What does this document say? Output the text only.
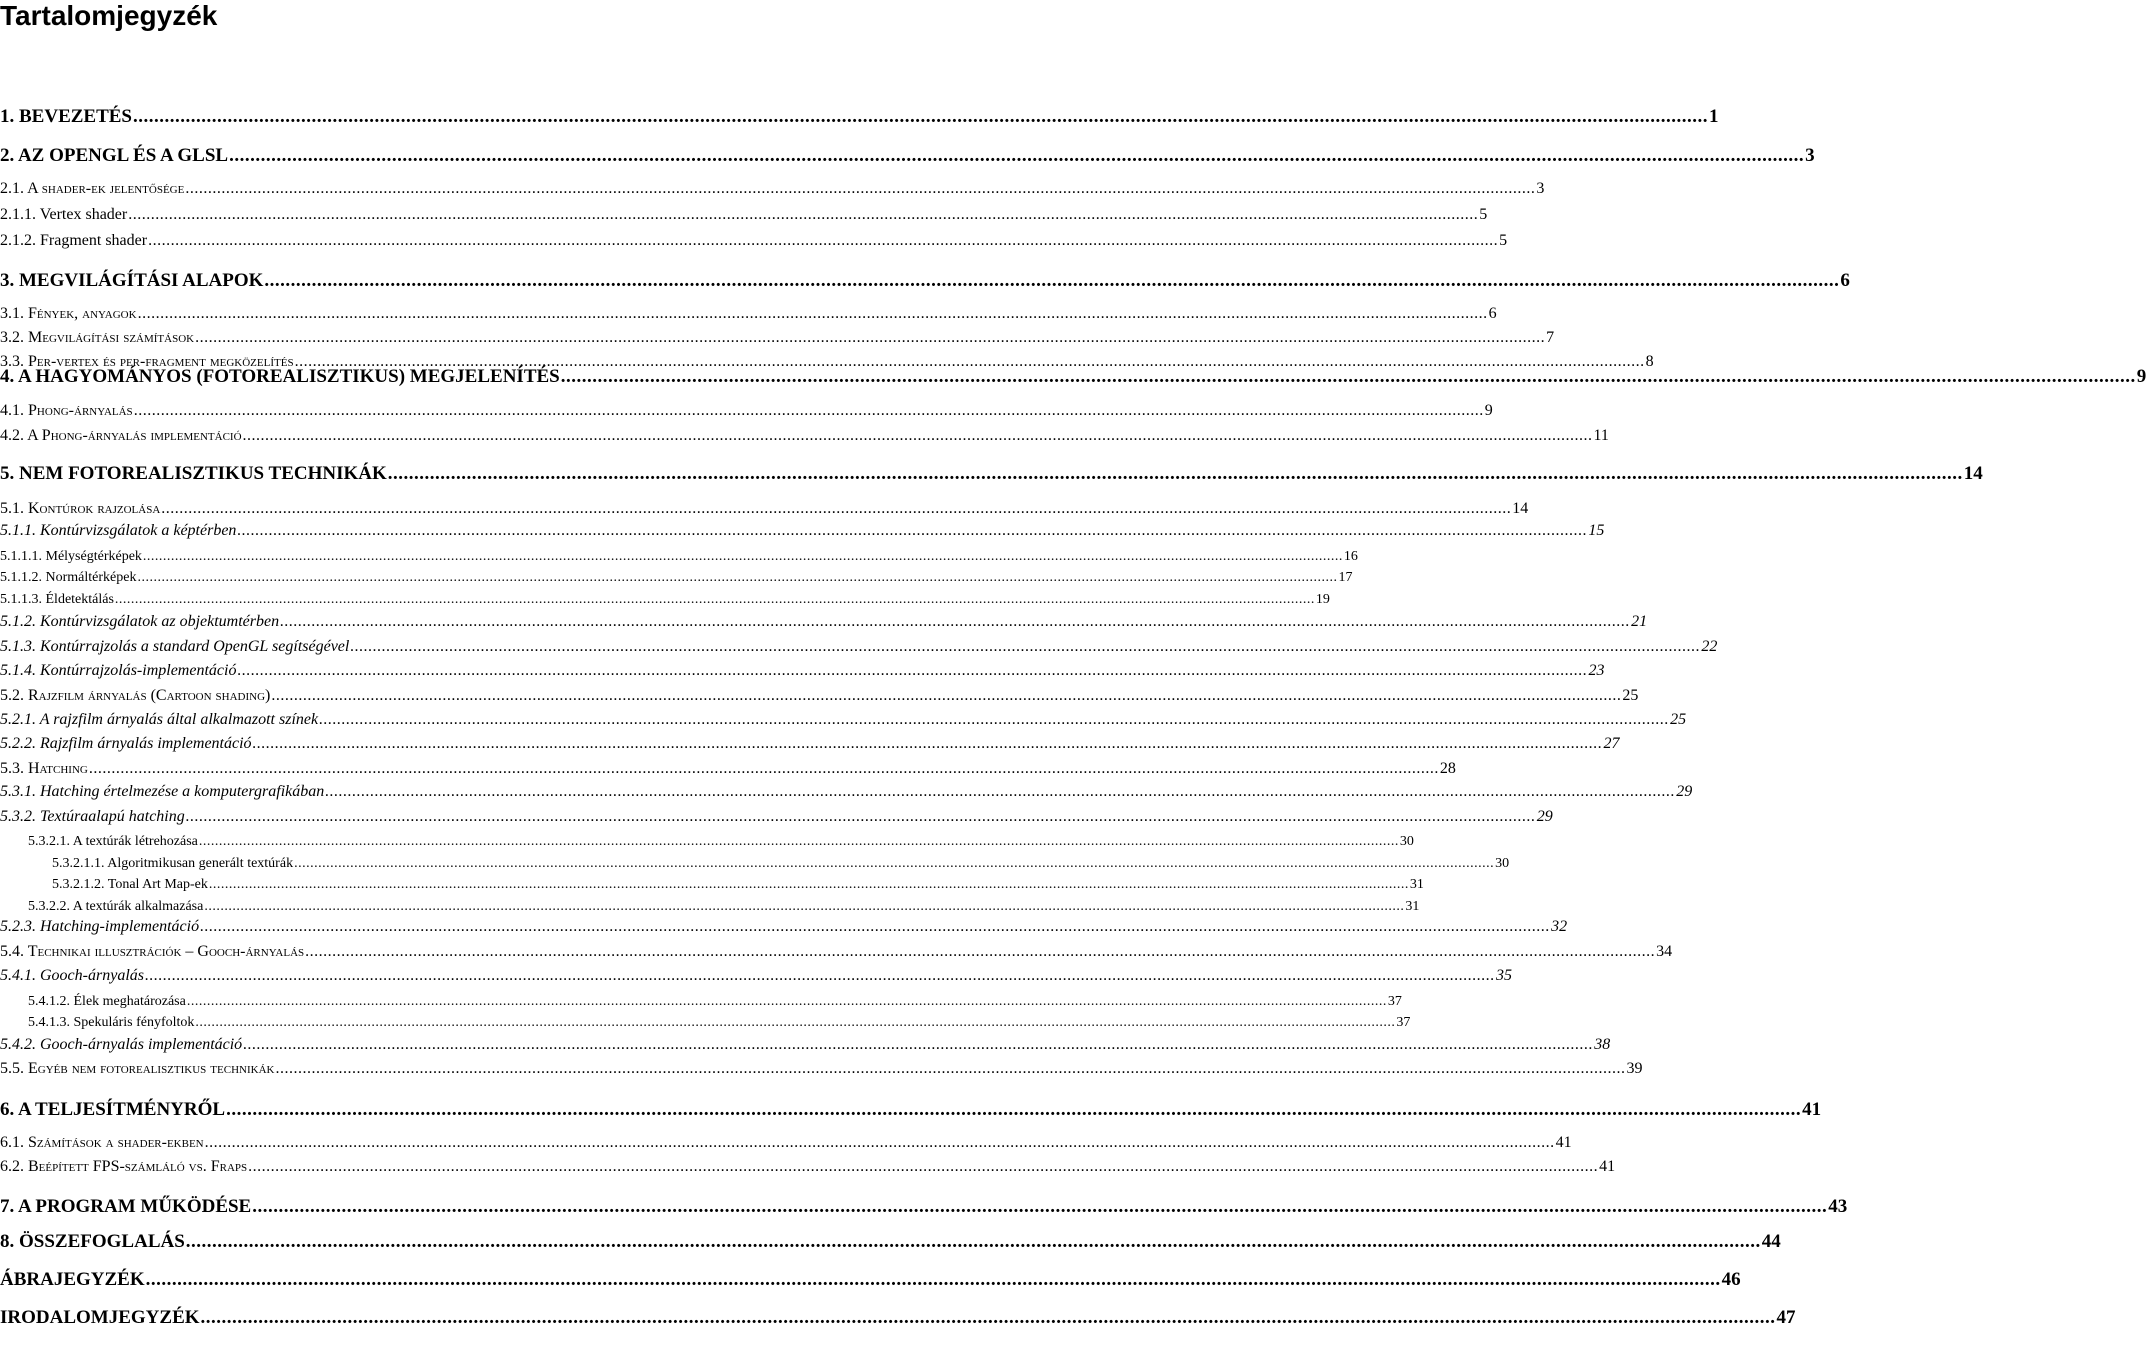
Tartalomjegyzék
1. BEVEZETÉS ............................................................................................................................................................................................................................................................................................................ 1
2. AZ OPENGL ÉS A GLSL ............................................................................................................................................................................................................................................................................................................ 3
2.1. A shader-ek jelentősége ............................................................................................................................................................................................................................................................................................................ 3
2.1.1. Vertex shader ............................................................................................................................................................................................................................................................................................................ 5
2.1.2. Fragment shader ............................................................................................................................................................................................................................................................................................................ 5
3. MEGVILÁGÍTÁSI ALAPOK ............................................................................................................................................................................................................................................................................................................ 6
3.1. Fények, anyagok ............................................................................................................................................................................................................................................................................................................ 6
3.2. Megvilágítási számítások ............................................................................................................................................................................................................................................................................................................ 7
3.3. Per-vertex és per-fragment megközelítés ............................................................................................................................................................................................................................................................................................................ 8
4. A HAGYOMÁNYOS (FOTOREALISZTIKUS) MEGJELENÍTÉS ............................................................................................................................................................................................................................................................................................................ 9
4.1. Phong-árnyalás ............................................................................................................................................................................................................................................................................................................ 9
4.2. A Phong-árnyalás implementáció ............................................................................................................................................................................................................................................................................................................ 11
5. NEM FOTOREALISZTIKUS TECHNIKÁK ............................................................................................................................................................................................................................................................................................................ 14
5.1. Kontúrok rajzolása ............................................................................................................................................................................................................................................................................................................ 14
5.1.1. Kontúrvizsgálatok a képtérben ............................................................................................................................................................................................................................................................................................................ 15
5.1.1.1. Mélységtérképek ............................................................................................................................................................................................................................................................................................................ 16
5.1.1.2. Normáltérképek ............................................................................................................................................................................................................................................................................................................ 17
5.1.1.3. Éldetektálás ............................................................................................................................................................................................................................................................................................................ 19
5.1.2. Kontúrvizsgálatok az objektumtérben ............................................................................................................................................................................................................................................................................................................ 21
5.1.3. Kontúrrajzolás a standard OpenGL segítségével ............................................................................................................................................................................................................................................................................................................ 22
5.1.4. Kontúrrajzolás-implementáció ............................................................................................................................................................................................................................................................................................................ 23
5.2. Rajzfilm árnyalás (Cartoon shading) ............................................................................................................................................................................................................................................................................................................ 25
5.2.1. A rajzfilm árnyalás által alkalmazott színek ............................................................................................................................................................................................................................................................................................................ 25
5.2.2. Rajzfilm árnyalás implementáció ............................................................................................................................................................................................................................................................................................................ 27
5.3. Hatching ............................................................................................................................................................................................................................................................................................................ 28
5.3.1. Hatching értelmezése a komputergrafikában ............................................................................................................................................................................................................................................................................................................ 29
5.3.2. Textúraalapú hatching ............................................................................................................................................................................................................................................................................................................ 29
5.3.2.1. A textúrák létrehozása ............................................................................................................................................................................................................................................................................................................ 30
5.3.2.1.1. Algoritmikusan generált textúrák ............................................................................................................................................................................................................................................................................................................ 30
5.3.2.1.2. Tonal Art Map-ek ............................................................................................................................................................................................................................................................................................................ 31
5.3.2.2. A textúrák alkalmazása ............................................................................................................................................................................................................................................................................................................ 31
5.2.3. Hatching-implementáció ............................................................................................................................................................................................................................................................................................................ 32
5.4. Technikai illusztrációk – Gooch-árnyalás ............................................................................................................................................................................................................................................................................................................ 34
5.4.1. Gooch-árnyalás ............................................................................................................................................................................................................................................................................................................ 35
5.4.1.2. Élek meghatározása ............................................................................................................................................................................................................................................................................................................ 37
5.4.1.3. Spekuláris fényfoltok ............................................................................................................................................................................................................................................................................................................ 37
5.4.2. Gooch-árnyalás implementáció ............................................................................................................................................................................................................................................................................................................ 38
5.5. Egyéb nem fotorealisztikus technikák ............................................................................................................................................................................................................................................................................................................ 39
6. A TELJESÍTMÉNYRŐL ............................................................................................................................................................................................................................................................................................................ 41
6.1. Számítások a shader-ekben ............................................................................................................................................................................................................................................................................................................ 41
6.2. Beépített FPS-számláló vs. Fraps ............................................................................................................................................................................................................................................................................................................ 41
7. A PROGRAM MŰKÖDÉSE ............................................................................................................................................................................................................................................................................................................ 43
8. ÖSSZEFOGLALÁS ............................................................................................................................................................................................................................................................................................................ 44
ÁBRAJEGYZÉK ............................................................................................................................................................................................................................................................................................................ 46
IRODALOMJEGYZÉK ............................................................................................................................................................................................................................................................................................................ 47
